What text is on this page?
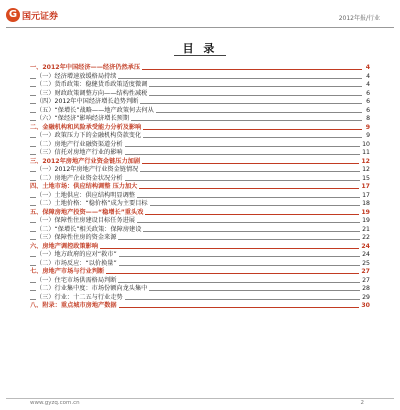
G 国元证券	2012年报/行业
目 录
一、2012年中国经济——经济仍然承压	4
（一）经济增速放缓格局持续	4
（二）货币政策：稳健货币政策适度微调	4
（三）财政政策调整方向——结构性减税	6
（四）2012年中国经济增长趋势判断	6
（五）“保增长”战略——地产政策何去何从	6
（六）“保经济”影响经济增长预期	8
二、金融机构和风险承受能力分析及影响	9
（一）政策压力下的金融机构贷款变化	9
（二）房地产行业融资渠道分析	10
（三）信托对房地产行业的影响	11
三、2012年房地产行业资金链压力加剧	12
（一）2012年房地产行业资金链情况	12
（二）房地产企业资金状况分析	15
四、土地市场：供应结构调整 压力加大	17
（一）土地供应：供应结构明显调整	17
（二）土地价格：“稳价格”成为主要目标	18
五、保障房地产投资——“稳增长”重头戏	19
（一）保障性住房建设目标任务进展	19
（二）“保增长”相关政策：保障房建设	21
（三）保障性住房的资金来源	22
六、房地产调控政策影响	24
（一）地方政府的应对“救市”	24
（二）市场反应：“以价换量”	25
七、房地产市场与行业判断	27
（一）住宅市场供需格局判断	27
（二）行业集中度：市场份额向龙头集中	28
（三）行业：十二五与行业走势	29
八、附录：重点城市房地产数据	30
www.gyzq.com.cn	2
